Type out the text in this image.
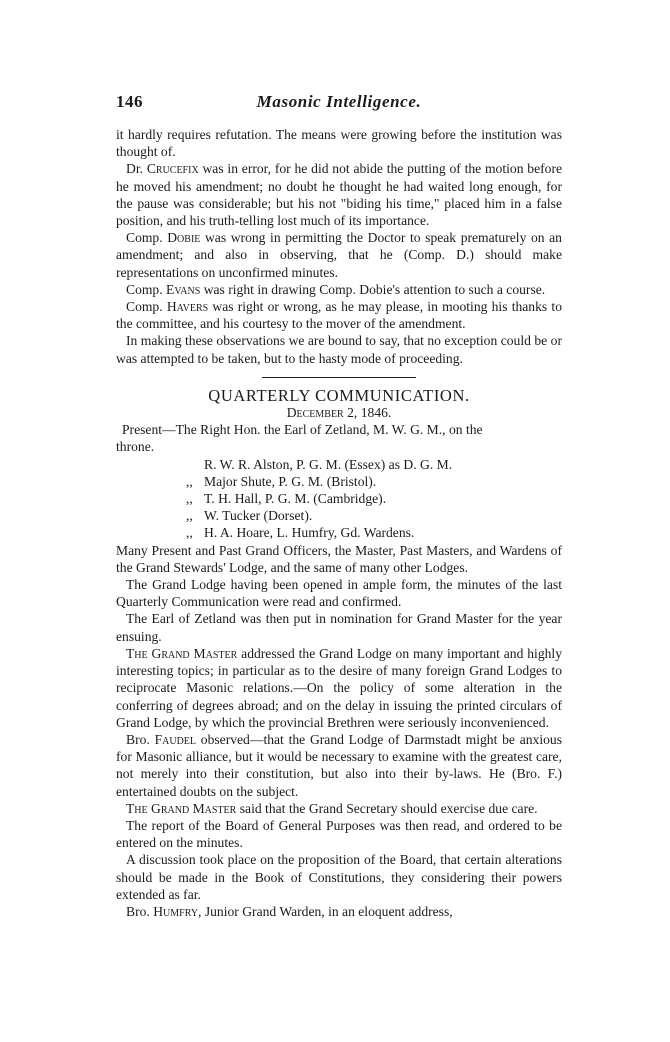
146	Masonic Intelligence.

it hardly requires refutation. The means were growing before the institution was thought of.

Dr. Crucefix was in error, for he did not abide the putting of the motion before he moved his amendment; no doubt he thought he had waited long enough, for the pause was considerable; but his not "biding his time," placed him in a false position, and his truth-telling lost much of its importance.

Comp. Dobie was wrong in permitting the Doctor to speak prematurely on an amendment; and also in observing, that he (Comp. D.) should make representations on unconfirmed minutes.

Comp. Evans was right in drawing Comp. Dobie's attention to such a course.

Comp. Havers was right or wrong, as he may please, in mooting his thanks to the committee, and his courtesy to the mover of the amendment.

In making these observations we are bound to say, that no exception could be or was attempted to be taken, but to the hasty mode of proceeding.

QUARTERLY COMMUNICATION.

December 2, 1846.

Present—The Right Hon. the Earl of Zetland, M. W. G. M., on the

throne.

R. W. R. Alston, P. G. M. (Essex) as D. G. M.

,, Major Shute, P. G. M. (Bristol).

,, T. H. Hall, P. G. M. (Cambridge).

,, W. Tucker (Dorset).

,, H. A. Hoare, L. Humfry, Gd. Wardens.

Many Present and Past Grand Officers, the Master, Past Masters, and Wardens of the Grand Stewards' Lodge, and the same of many other Lodges.

The Grand Lodge having been opened in ample form, the minutes of the last Quarterly Communication were read and confirmed.

The Earl of Zetland was then put in nomination for Grand Master for the year ensuing.

The Grand Master addressed the Grand Lodge on many important and highly interesting topics; in particular as to the desire of many foreign Grand Lodges to reciprocate Masonic relations.—On the policy of some alteration in the conferring of degrees abroad; and on the delay in issuing the printed circulars of Grand Lodge, by which the provincial Brethren were seriously inconvenienced.

Bro. Faudel observed—that the Grand Lodge of Darmstadt might be anxious for Masonic alliance, but it would be necessary to examine with the greatest care, not merely into their constitution, but also into their by-laws. He (Bro. F.) entertained doubts on the subject.

The Grand Master said that the Grand Secretary should exercise due care.

The report of the Board of General Purposes was then read, and ordered to be entered on the minutes.

A discussion took place on the proposition of the Board, that certain alterations should be made in the Book of Constitutions, they considering their powers extended as far.

Bro. Humfry, Junior Grand Warden, in an eloquent address,
